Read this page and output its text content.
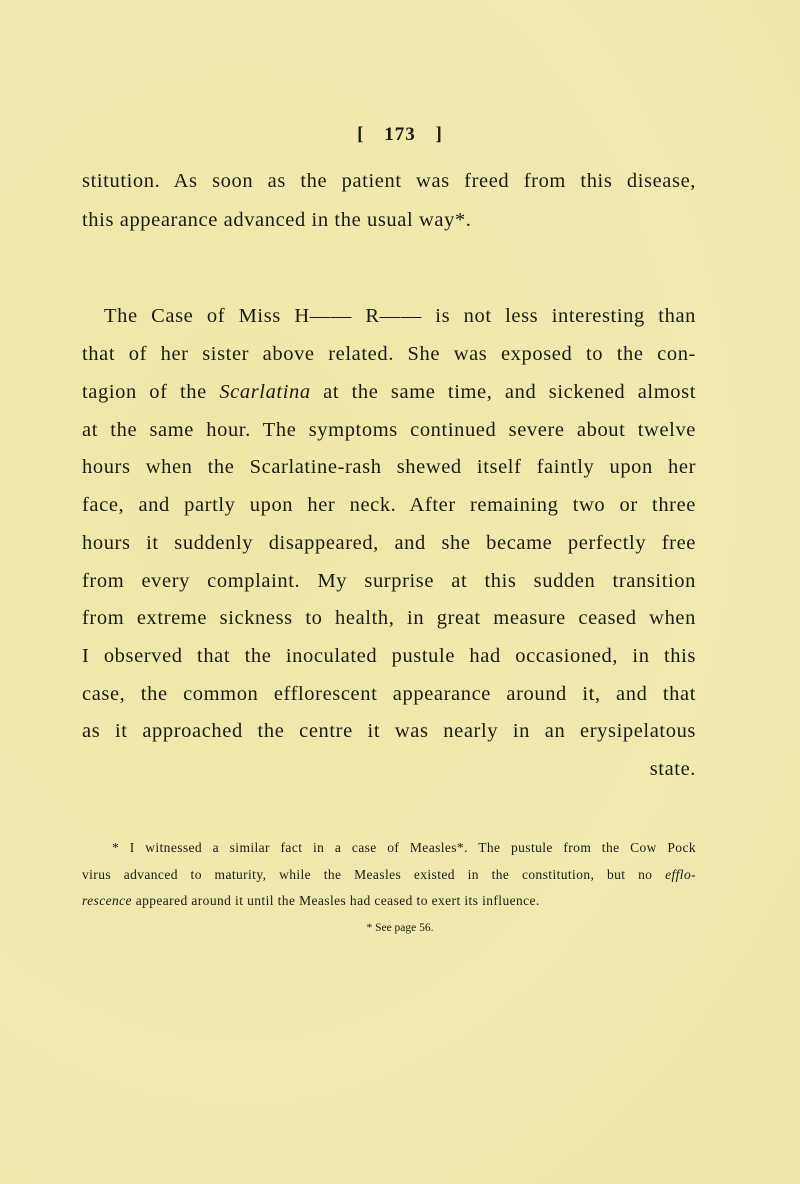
[ 173 ]
stitution. As soon as the patient was freed from this disease,
this appearance advanced in the usual way*.
The Case of Miss H—— R—— is not less interesting than
that of her sister above related. She was exposed to the con-
tagion of the Scarlatina at the same time, and sickened almost
at the same hour. The symptoms continued severe about twelve
hours when the Scarlatine-rash shewed itself faintly upon her
face, and partly upon her neck. After remaining two or three
hours it suddenly disappeared, and she became perfectly free
from every complaint. My surprise at this sudden transition
from extreme sickness to health, in great measure ceased when
I observed that the inoculated pustule had occasioned, in this
case, the common efflorescent appearance around it, and that
as it approached the centre it was nearly in an erysipelatous
state.
* I witnessed a similar fact in a case of Measles*. The pustule from the Cow Pock
virus advanced to maturity, while the Measles existed in the constitution, but no efflo-
rescence appeared around it until the Measles had ceased to exert its influence.
* See page 56.
